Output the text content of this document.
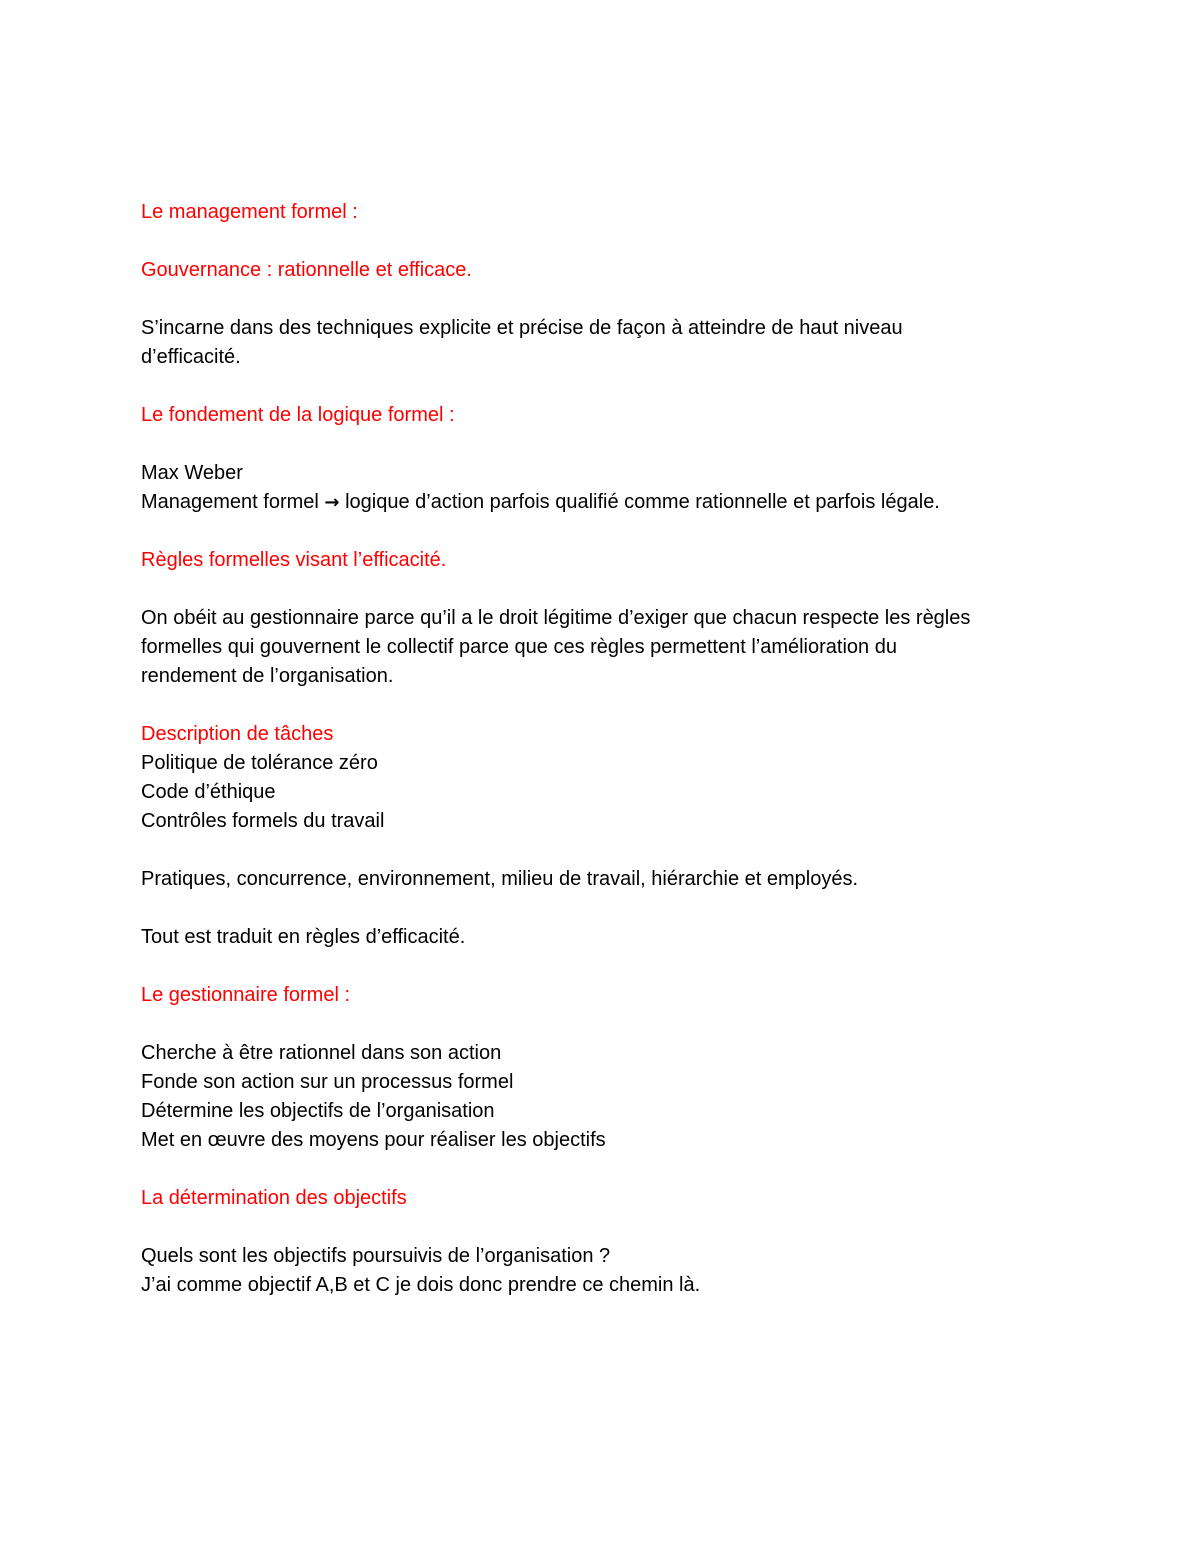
Le management formel :
Gouvernance : rationnelle et efficace.
S’incarne dans des techniques explicite et précise de façon à atteindre de haut niveau
d’efficacité.
Le fondement de la logique formel :
Max Weber
Management formel → logique d’action parfois qualifié comme rationnelle et parfois légale.
Règles formelles visant l’efficacité.
On obéit au gestionnaire parce qu’il a le droit légitime d’exiger que chacun respecte les règles
formelles qui gouvernent le collectif parce que ces règles permettent l’amélioration du
rendement de l’organisation.
Description de tâches
Politique de tolérance zéro
Code d’éthique
Contrôles formels du travail
Pratiques, concurrence, environnement, milieu de travail, hiérarchie et employés.
Tout est traduit en règles d’efficacité.
Le gestionnaire formel :
Cherche à être rationnel dans son action
Fonde son action sur un processus formel
Détermine les objectifs de l’organisation
Met en œuvre des moyens pour réaliser les objectifs
La détermination des objectifs
Quels sont les objectifs poursuivis de l’organisation ?
J’ai comme objectif A,B et C je dois donc prendre ce chemin là.
